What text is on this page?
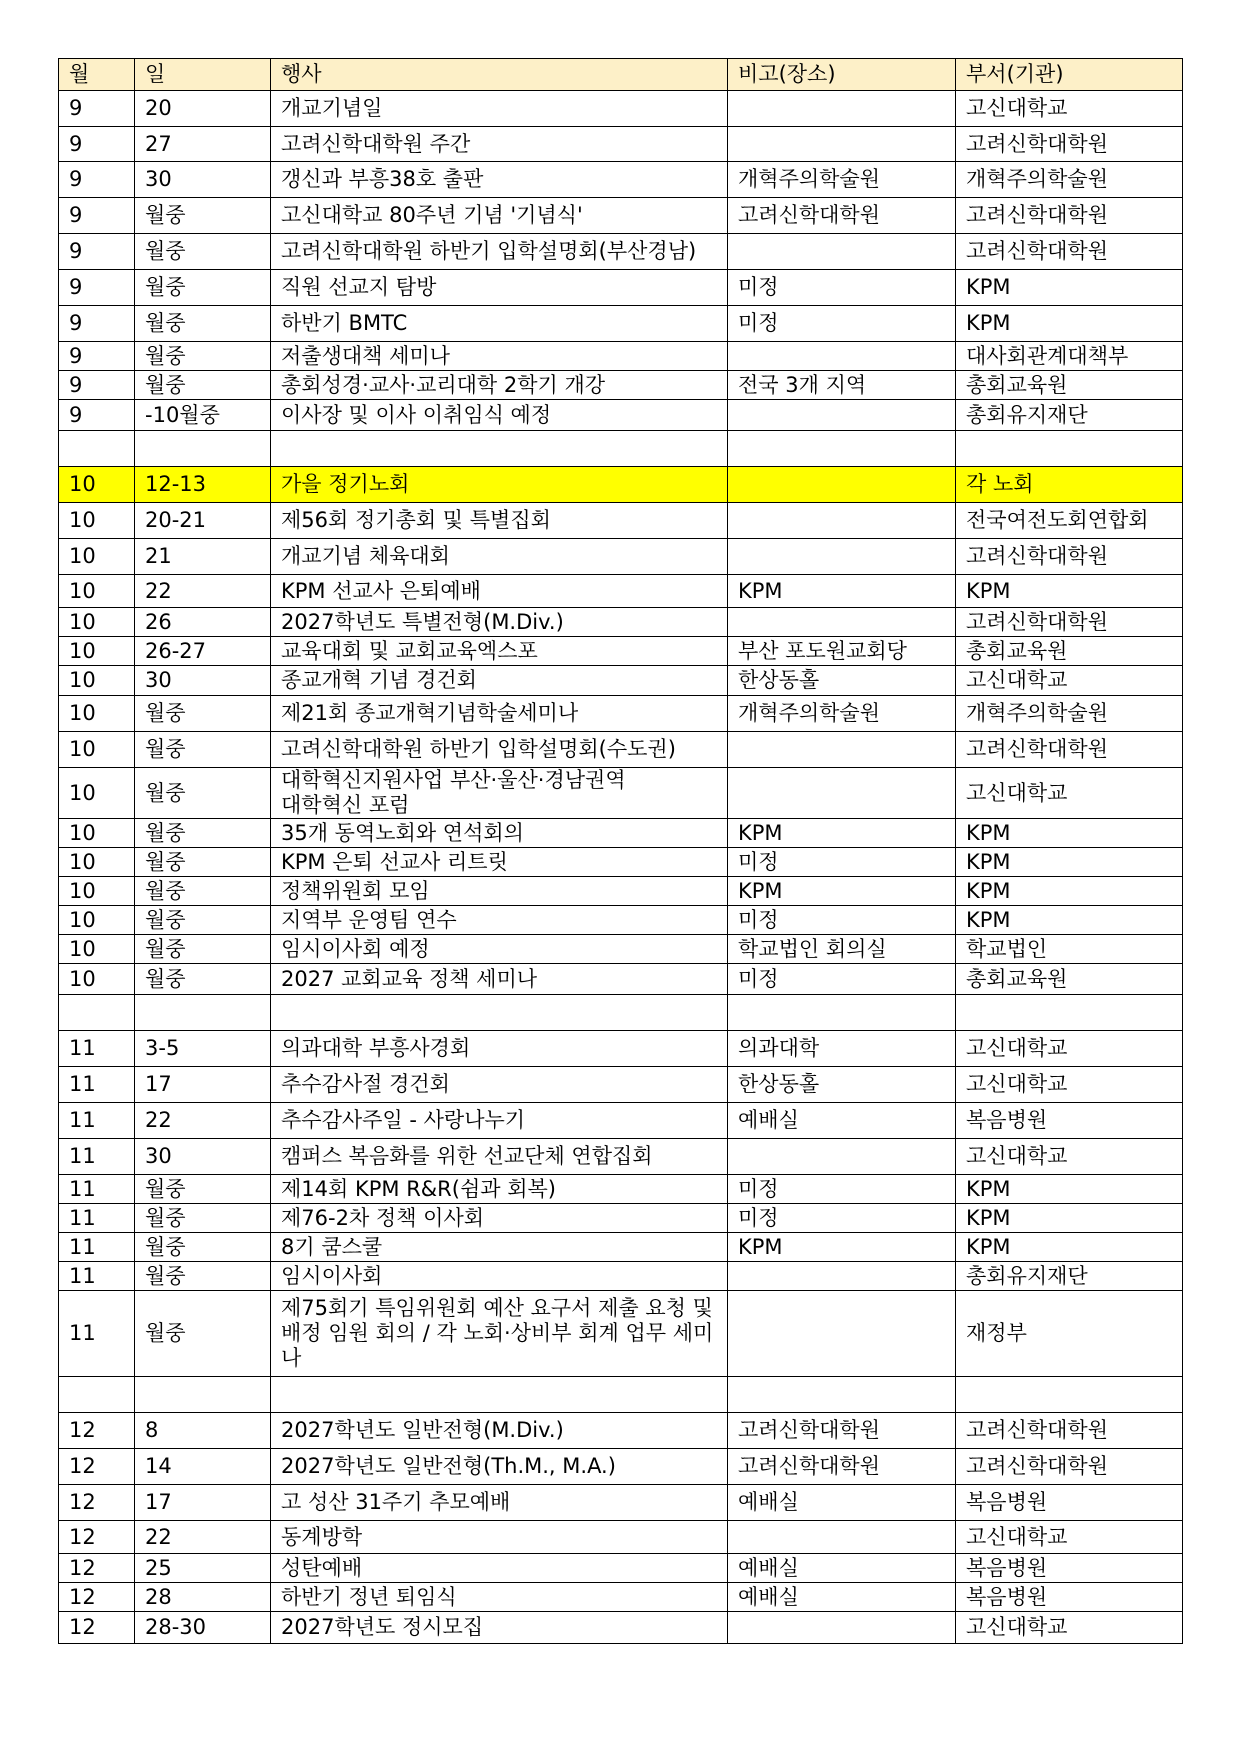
월	일	행사	비고(장소)	부서(기관)
9	20	개교기념일		고신대학교
9	27	고려신학대학원 주간		고려신학대학원
9	30	갱신과 부흥38호 출판	개혁주의학술원	개혁주의학술원
9	월중	고신대학교 80주년 기념 '기념식'	고려신학대학원	고려신학대학원
9	월중	고려신학대학원 하반기 입학설명회(부산경남)		고려신학대학원
9	월중	직원 선교지 탐방	미정	KPM
9	월중	하반기 BMTC	미정	KPM
9	월중	저출생대책 세미나		대사회관계대책부
9	월중	총회성경·교사·교리대학 2학기 개강	전국 3개 지역	총회교육원
9	-10월중	이사장 및 이사 이취임식 예정		총회유지재단

10	12-13	가을 정기노회		각 노회
10	20-21	제56회 정기총회 및 특별집회		전국여전도회연합회
10	21	개교기념 체육대회		고려신학대학원
10	22	KPM 선교사 은퇴예배	KPM	KPM
10	26	2027학년도 특별전형(M.Div.)		고려신학대학원
10	26-27	교육대회 및 교회교육엑스포	부산 포도원교회당	총회교육원
10	30	종교개혁 기념 경건회	한상동홀	고신대학교
10	월중	제21회 종교개혁기념학술세미나	개혁주의학술원	개혁주의학술원
10	월중	고려신학대학원 하반기 입학설명회(수도권)		고려신학대학원
10	월중	대학혁신지원사업 부산·울산·경남권역 대학혁신 포럼		고신대학교
10	월중	35개 동역노회와 연석회의	KPM	KPM
10	월중	KPM 은퇴 선교사 리트릿	미정	KPM
10	월중	정책위원회 모임	KPM	KPM
10	월중	지역부 운영팀 연수	미정	KPM
10	월중	임시이사회 예정	학교법인 회의실	학교법인
10	월중	2027 교회교육 정책 세미나	미정	총회교육원

11	3-5	의과대학 부흥사경회	의과대학	고신대학교
11	17	추수감사절 경건회	한상동홀	고신대학교
11	22	추수감사주일 - 사랑나누기	예배실	복음병원
11	30	캠퍼스 복음화를 위한 선교단체 연합집회		고신대학교
11	월중	제14회 KPM R&R(쉼과 회복)	미정	KPM
11	월중	제76-2차 정책 이사회	미정	KPM
11	월중	8기 쿰스쿨	KPM	KPM
11	월중	임시이사회		총회유지재단
11	월중	제75회기 특임위원회 예산 요구서 제출 요청 및 배정 임원 회의 / 각 노회·상비부 회계 업무 세미나		재정부

12	8	2027학년도 일반전형(M.Div.)	고려신학대학원	고려신학대학원
12	14	2027학년도 일반전형(Th.M., M.A.)	고려신학대학원	고려신학대학원
12	17	고 성산 31주기 추모예배	예배실	복음병원
12	22	동계방학		고신대학교
12	25	성탄예배	예배실	복음병원
12	28	하반기 정년 퇴임식	예배실	복음병원
12	28-30	2027학년도 정시모집		고신대학교
